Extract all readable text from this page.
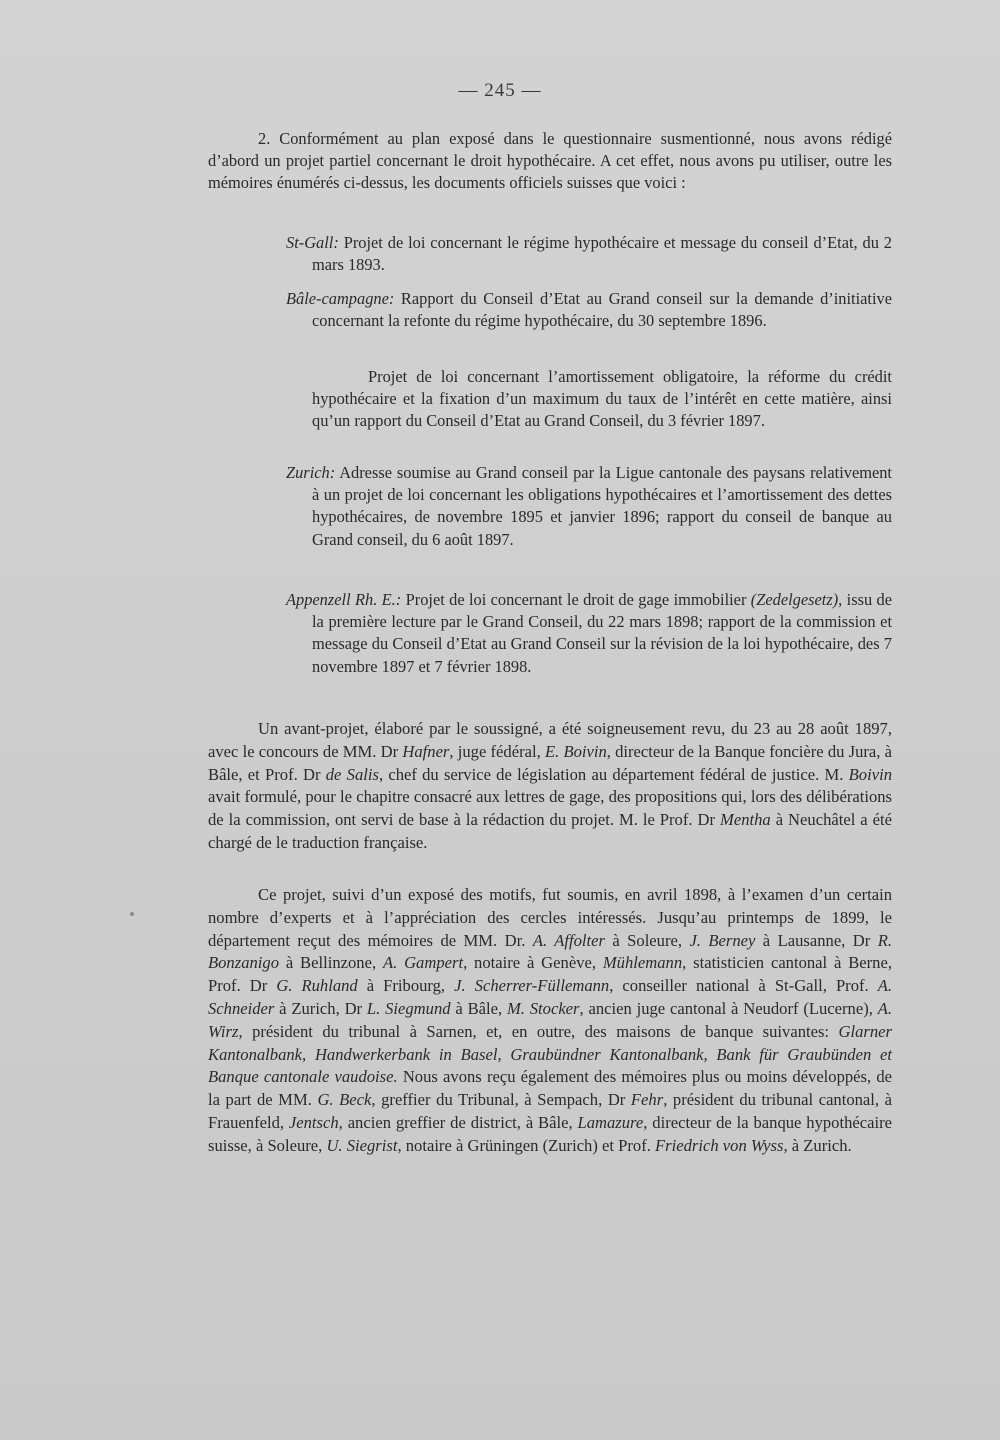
— 245 —

2. Conformément au plan exposé dans le questionnaire susmentionné, nous avons rédigé d’abord un projet partiel concernant le droit hypothécaire. A cet effet, nous avons pu utiliser, outre les mémoires énumérés ci-dessus, les documents officiels suisses que voici :

St-Gall: Projet de loi concernant le régime hypothécaire et message du conseil d’Etat, du 2 mars 1893.
Bâle-campagne: Rapport du Conseil d’Etat au Grand conseil sur la demande d’initiative concernant la refonte du régime hypothécaire, du 30 septembre 1896.
Projet de loi concernant l’amortissement obligatoire, la réforme du crédit hypothécaire et la fixation d’un maximum du taux de l’intérêt en cette matière, ainsi qu’un rapport du Conseil d’Etat au Grand Conseil, du 3 février 1897.
Zurich: Adresse soumise au Grand conseil par la Ligue cantonale des paysans relativement à un projet de loi concernant les obligations hypothécaires et l’amortissement des dettes hypothécaires, de novembre 1895 et janvier 1896; rapport du conseil de banque au Grand conseil, du 6 août 1897.
Appenzell Rh. E.: Projet de loi concernant le droit de gage immobilier (Zedelgesetz), issu de la première lecture par le Grand Conseil, du 22 mars 1898; rapport de la commission et message du Conseil d’Etat au Grand Conseil sur la révision de la loi hypothécaire, des 7 novembre 1897 et 7 février 1898.

Un avant-projet, élaboré par le soussigné, a été soigneusement revu, du 23 au 28 août 1897, avec le concours de MM. Dr Hafner, juge fédéral, E. Boivin, directeur de la Banque foncière du Jura, à Bâle, et Prof. Dr de Salis, chef du service de législation au département fédéral de justice. M. Boivin avait formulé, pour le chapitre consacré aux lettres de gage, des propositions qui, lors des délibérations de la commission, ont servi de base à la rédaction du projet. M. le Prof. Dr Mentha à Neuchâtel a été chargé de le traduction française.

Ce projet, suivi d’un exposé des motifs, fut soumis, en avril 1898, à l’examen d’un certain nombre d’experts et à l’appréciation des cercles intéressés. Jusqu’au printemps de 1899, le département reçut des mémoires de MM. Dr. A. Affolter à Soleure, J. Berney à Lausanne, Dr R. Bonzanigo à Bellinzone, A. Gampert, notaire à Genève, Mühlemann, statisticien cantonal à Berne, Prof. Dr G. Ruhland à Fribourg, J. Scherrer-Füllemann, conseiller national à St-Gall, Prof. A. Schneider à Zurich, Dr L. Siegmund à Bâle, M. Stocker, ancien juge cantonal à Neudorf (Lucerne), A. Wirz, président du tribunal à Sarnen, et, en outre, des maisons de banque suivantes: Glarner Kantonalbank, Handwerkerbank in Basel, Graubündner Kantonalbank, Bank für Graubünden et Banque cantonale vaudoise. Nous avons reçu également des mémoires plus ou moins développés, de la part de MM. G. Beck, greffier du Tribunal, à Sempach, Dr Fehr, président du tribunal cantonal, à Frauenfeld, Jentsch, ancien greffier de district, à Bâle, Lamazure, directeur de la banque hypothécaire suisse, à Soleure, U. Siegrist, notaire à Grüningen (Zurich) et Prof. Friedrich von Wyss, à Zurich.
